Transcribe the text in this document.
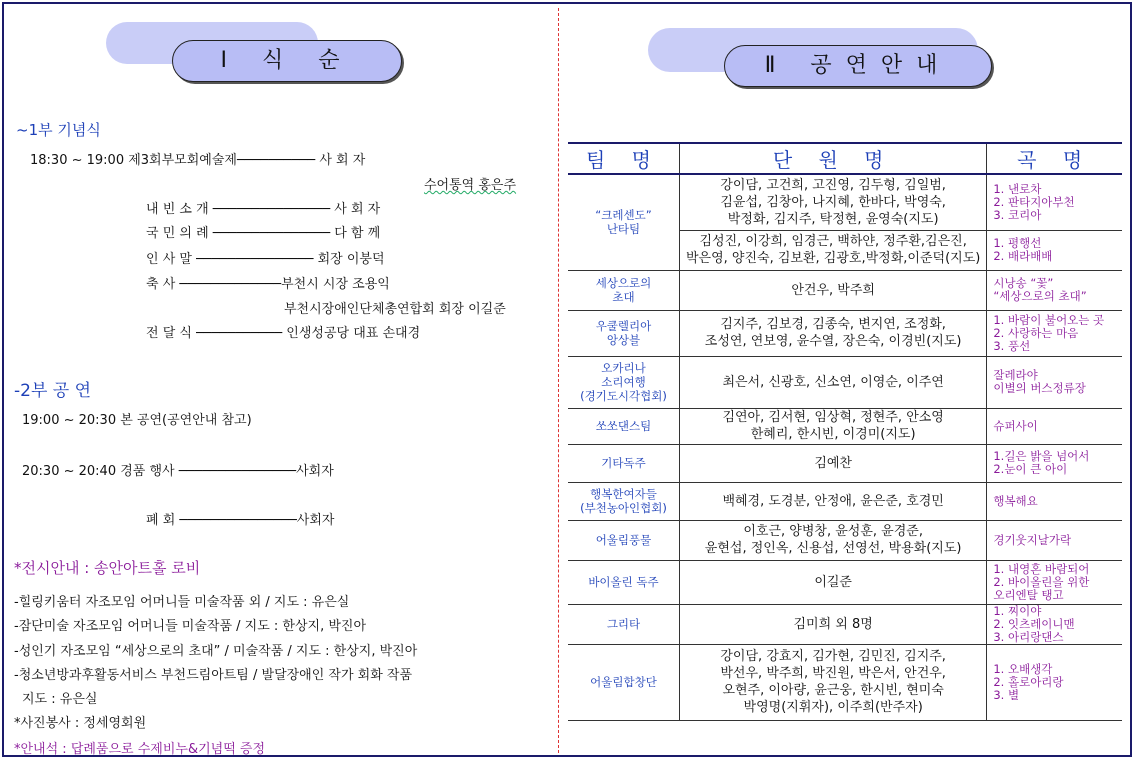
Ⅰ 식 순
~1부 기념식
18:30 ~ 19:00 제3회부모회예술제────────── 사 회 자
수어통역 홍은주
내 빈 소 개 ─────────────── 사 회 자
국 민 의 례 ─────────────── 다 함 께
인 사 말 ─────────────── 회장 이붕덕
축 사 ─────────────부천시 시장 조용익
부천시장애인단체총연합회 회장 이길준
전 달 식 ─────────── 인생성공당 대표 손대경
-2부 공 연
19:00 ~ 20:30 본 공연(공연안내 참고)
20:30 ~ 20:40 경품 행사 ───────────────사회자
폐 회 ───────────────사회자
*전시안내 : 송안아트홀 로비
-힐링키움터 자조모임 어머니들 미술작품 외 / 지도 : 유은실
-잠단미술 자조모임 어머니들 미술작품 / 지도 : 한상지, 박진아
-성인기 자조모임 “세상으로의 초대” / 미술작품 / 지도 : 한상지, 박진아
-청소년방과후활동서비스 부천드림아트팀 / 발달장애인 작가 회화 작품
지도 : 유은실
*사진봉사 : 정세영회원
*안내석 : 답례품으로 수제비누&기념떡 증정
Ⅱ 공연안내
팀 명	단 원 명	곡 명
“크레센도”
난타팀	강이담, 고건희, 고진영, 김두형, 김일범,
김윤섭, 김창아, 나지혜, 한바다, 박영숙,
박정화, 김지주, 탁정현, 윤영숙(지도)	1. 낸로차
2. 판타지아부천
3. 코리아
	김성진, 이강희, 임경근, 백하얀, 정주환,김은진,
박은영, 양진숙, 김보환, 김광호,박정화,이준덕(지도)	1. 평행선
2. 배라배배
세상으로의
초대	안건우, 박주희	시낭송 “꽃”
“세상으로의 초대”
우쿨렐리아
앙상블	김지주, 김보경, 김종숙, 변지연, 조정화,
조성연, 연보영, 윤수열, 장은숙, 이경빈(지도)	1. 바람이 불어오는 곳
2. 사랑하는 마음
3. 풍선
오카리나
소리여행
(경기도시각협회)	최은서, 신광호, 신소연, 이영순, 이주연	잘레라야
이별의 버스정류장
쏘쏘댄스팀	김연아, 김서현, 임상혁, 정현주, 안소영
한혜리, 한시빈, 이경미(지도)	슈퍼사이
기타독주	김예찬	1.길은 밝을 넘어서
2.눈이 큰 아이
행복한여자들
(부천농아인협회)	백혜경, 도경분, 안정애, 윤은준, 호경민	행복해요
어울림풍물	이호근, 양병창, 윤성훈, 윤경준,
윤현섭, 정인옥, 신용섭, 선영선, 박용화(지도)	경기웃지날가락
바이올린 독주	이길준	1. 내영혼 바람되어
2. 바이올린을 위한
오리엔탈 탱고
그리타	김미희 외 8명	1. 찌이야
2. 잇츠레이니맨
3. 아리랑댄스
어울림합창단	강이담, 강효지, 김가현, 김민진, 김지주,
박선우, 박주희, 박진원, 박은서, 안건우,
오현주, 이아량, 윤근웅, 한시빈, 현미숙
박영명(지휘자), 이주희(반주자)	1. 오배생각
2. 홀로아리랑
3. 별
